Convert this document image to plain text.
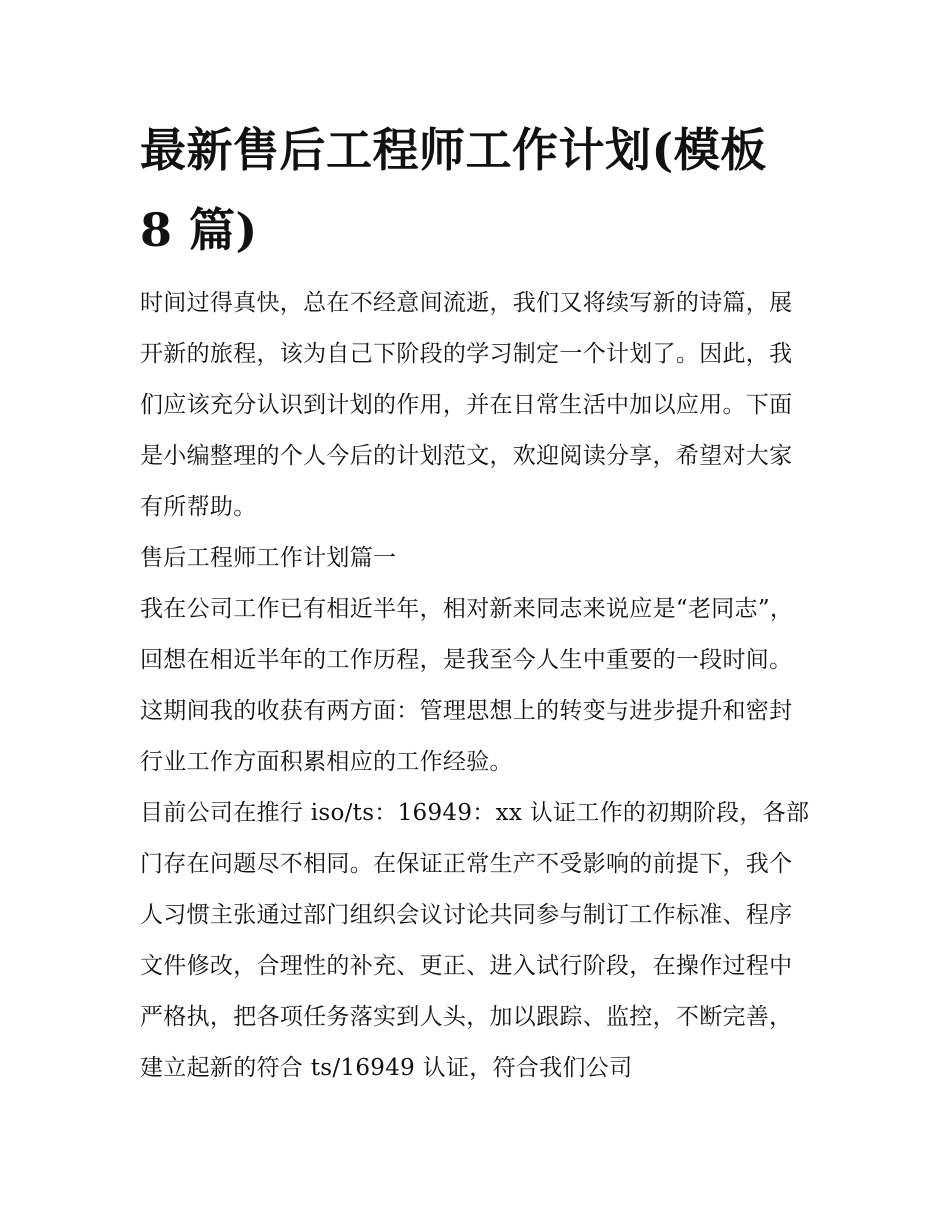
最新售后工程师工作计划(模板 8 篇)

时间过得真快，总在不经意间流逝，我们又将续写新的诗篇，展开新的旅程，该为自己下阶段的学习制定一个计划了。因此，我们应该充分认识到计划的作用，并在日常生活中加以应用。下面是小编整理的个人今后的计划范文，欢迎阅读分享，希望对大家有所帮助。

售后工程师工作计划篇一

我在公司工作已有相近半年，相对新来同志来说应是“老同志”，回想在相近半年的工作历程，是我至今人生中重要的一段时间。这期间我的收获有两方面：管理思想上的转变与进步提升和密封行业工作方面积累相应的工作经验。

目前公司在推行 iso/ts：16949：xx 认证工作的初期阶段，各部门存在问题尽不相同。在保证正常生产不受影响的前提下，我个人习惯主张通过部门组织会议讨论共同参与制订工作标准、程序文件修改，合理性的补充、更正、进入试行阶段，在操作过程中严格执，把各项任务落实到人头，加以跟踪、监控，不断完善，建立起新的符合 ts/16949 认证，符合我们公司
